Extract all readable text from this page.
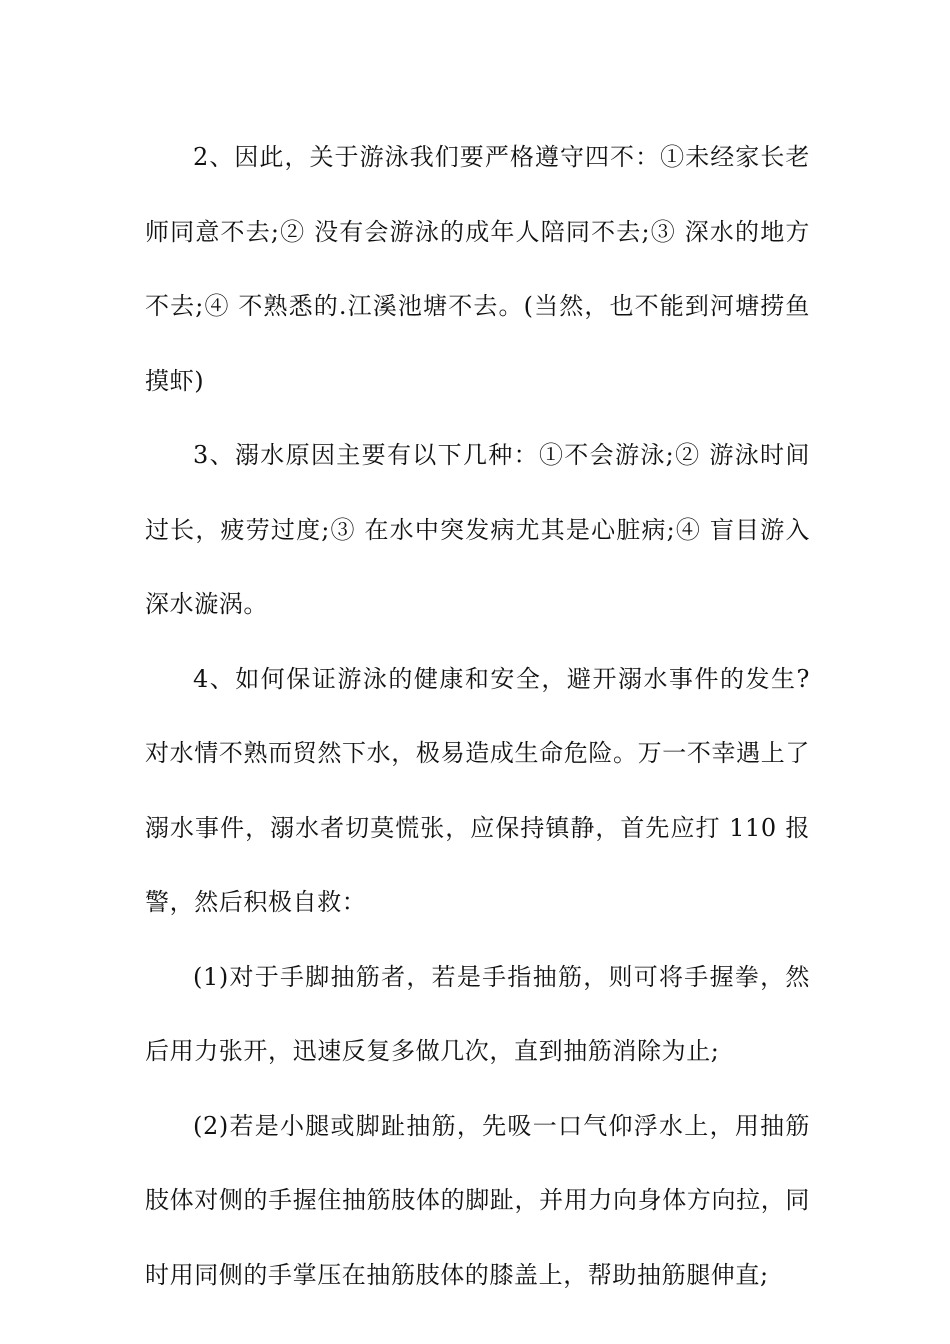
2、因此，关于游泳我们要严格遵守四不：①未经家长老师同意不去;② 没有会游泳的成年人陪同不去;③ 深水的地方不去;④ 不熟悉的.江溪池塘不去。(当然，也不能到河塘捞鱼摸虾)

3、溺水原因主要有以下几种：①不会游泳;② 游泳时间过长，疲劳过度;③ 在水中突发病尤其是心脏病;④ 盲目游入深水漩涡。

4、如何保证游泳的健康和安全，避开溺水事件的发生?对水情不熟而贸然下水，极易造成生命危险。万一不幸遇上了溺水事件，溺水者切莫慌张，应保持镇静，首先应打 110 报警，然后积极自救：

(1)对于手脚抽筋者，若是手指抽筋，则可将手握拳，然后用力张开，迅速反复多做几次，直到抽筋消除为止;

(2)若是小腿或脚趾抽筋，先吸一口气仰浮水上，用抽筋肢体对侧的手握住抽筋肢体的脚趾，并用力向身体方向拉，同时用同侧的手掌压在抽筋肢体的膝盖上，帮助抽筋腿伸直;
